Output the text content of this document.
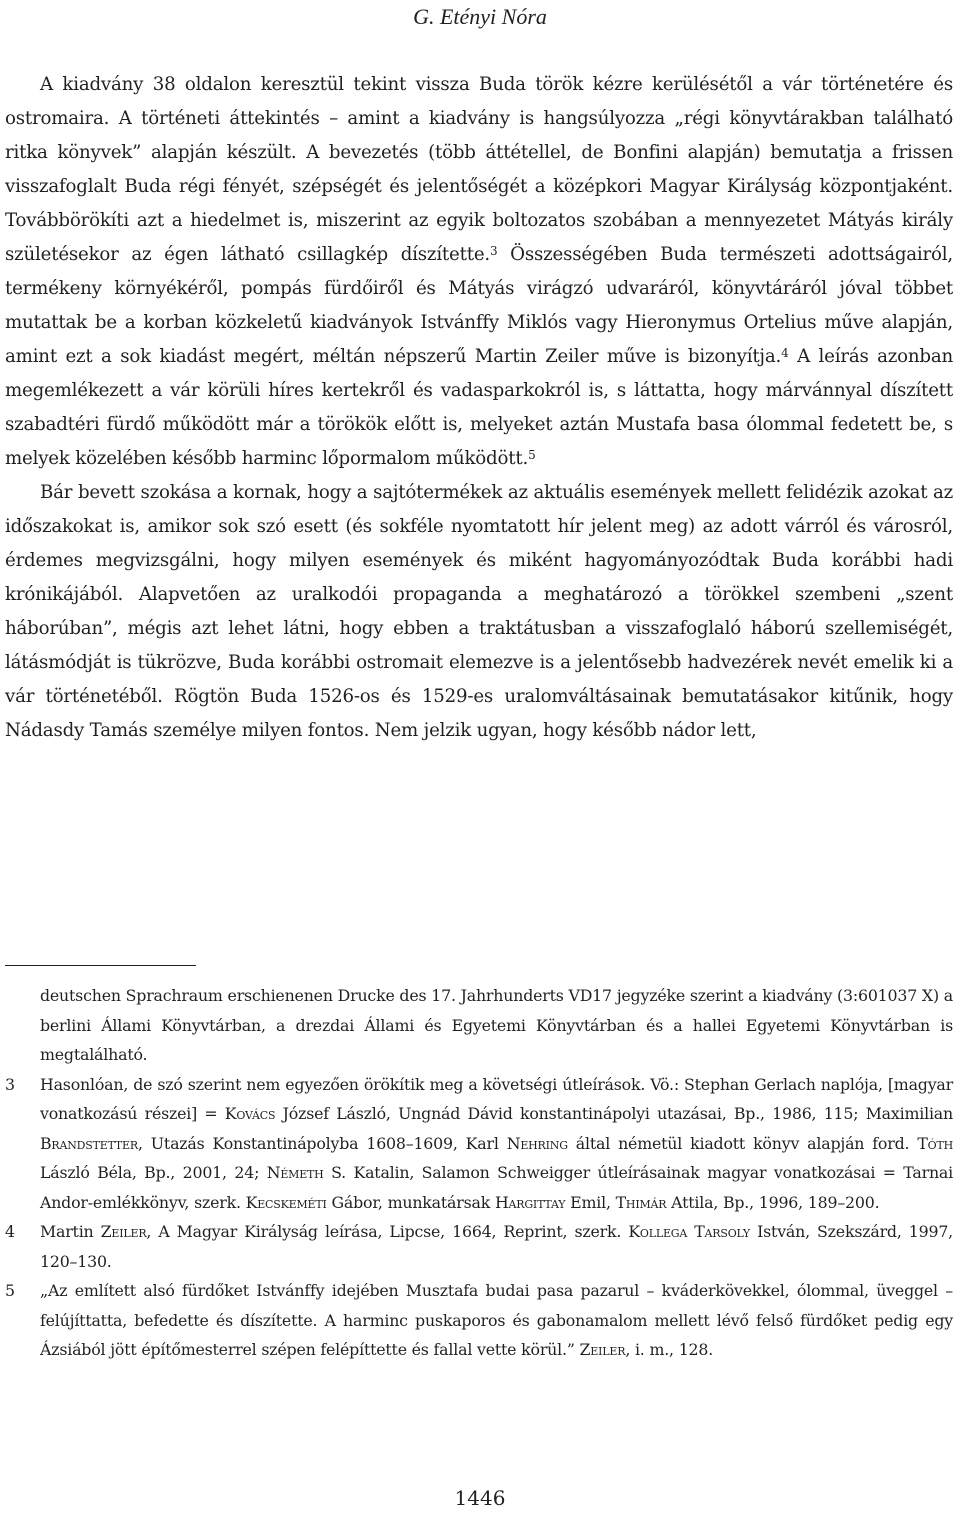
G. Etényi Nóra

A kiadvány 38 oldalon keresztül tekint vissza Buda török kézre kerülésétől a vár történetére és ostromaira. A történeti áttekintés – amint a kiadvány is hangsúlyozza „régi könyvtárakban található ritka könyvek” alapján készült. A bevezetés (több áttétellel, de Bonfini alapján) bemutatja a frissen visszafoglalt Buda régi fényét, szépségét és jelentőségét a középkori Magyar Királyság központjaként. Továbbörökíti azt a hiedelmet is, miszerint az egyik boltozatos szobában a mennyezetet Mátyás király születésekor az égen látható csillagkép díszítette.$^3$ Összességében Buda természeti adottságairól, termékeny környékéről, pompás fürdőiről és Mátyás virágzó udvaráról, könyvtáráról jóval többet mutattak be a korban közkeletű kiadványok Istvánffy Miklós vagy Hieronymus Ortelius műve alapján, amint ezt a sok kiadást megért, méltán népszerű Martin Zeiler műve is bizonyítja.$^4$ A leírás azonban megemlékezett a vár körüli híres kertekről és vadasparkokról is, s láttatta, hogy márvánnyal díszített szabadtéri fürdő működött már a törökök előtt is, melyeket aztán Mustafa basa ólommal fedetett be, s melyek közelében később harminc lőpormalom működött.$^5$

Bár bevett szokása a kornak, hogy a sajtótermékek az aktuális események mellett felidézik azokat az időszakokat is, amikor sok szó esett (és sokféle nyomtatott hír jelent meg) az adott várról és városról, érdemes megvizsgálni, hogy milyen események és miként hagyományozódtak Buda korábbi hadi krónikájából. Alapvetően az uralkodói propaganda a meghatározó a törökkel szembeni „szent háborúban”, mégis azt lehet látni, hogy ebben a traktátusban a visszafoglaló háború szellemiségét, látásmódját is tükrözve, Buda korábbi ostromait elemezve is a jelentősebb hadvezérek nevét emelik ki a vár történetéből. Rögtön Buda 1526-os és 1529-es uralomváltásainak bemutatásakor kitűnik, hogy Nádasdy Tamás személye milyen fontos. Nem jelzik ugyan, hogy később nádor lett,

deutschen Sprachraum erschienenen Drucke des 17. Jahrhunderts VD17 jegyzéke szerint a kiadvány (3:601037 X) a berlini Állami Könyvtárban, a drezdai Állami és Egyetemi Könyvtárban és a hallei Egyetemi Könyvtárban is megtalálható.
3 Hasonlóan, de szó szerint nem egyezően örökítik meg a követségi útleírások. Vö.: Stephan Gerlach naplója, [magyar vonatkozású részei] = Kovács József László, Ungnád Dávid konstantinápolyi utazásai, Bp., 1986, 115; Maximilian Brandstetter, Utazás Konstantinápolyba 1608–1609, Karl Nehring által németül kiadott könyv alapján ford. Tóth László Béla, Bp., 2001, 24; Németh S. Katalin, Salamon Schweigger útleírásainak magyar vonatkozásai = Tarnai Andor-emlékkönyv, szerk. Kecskeméti Gábor, munkatársak Hargittay Emil, Thimár Attila, Bp., 1996, 189–200.
4 Martin Zeiler, A Magyar Királyság leírása, Lipcse, 1664, Reprint, szerk. Kollega Tarsoly István, Szekszárd, 1997, 120–130.
5 „Az említett alsó fürdőket Istvánffy idejében Musztafa budai pasa pazarul – kváderkövekkel, ólommal, üveggel – felújíttatta, befedette és díszítette. A harminc puskaporos és gabonamalom mellett lévő felső fürdőket pedig egy Ázsiából jött építőmesterrel szépen felépíttette és fallal vette körül.” Zeiler, i. m., 128.
1446
